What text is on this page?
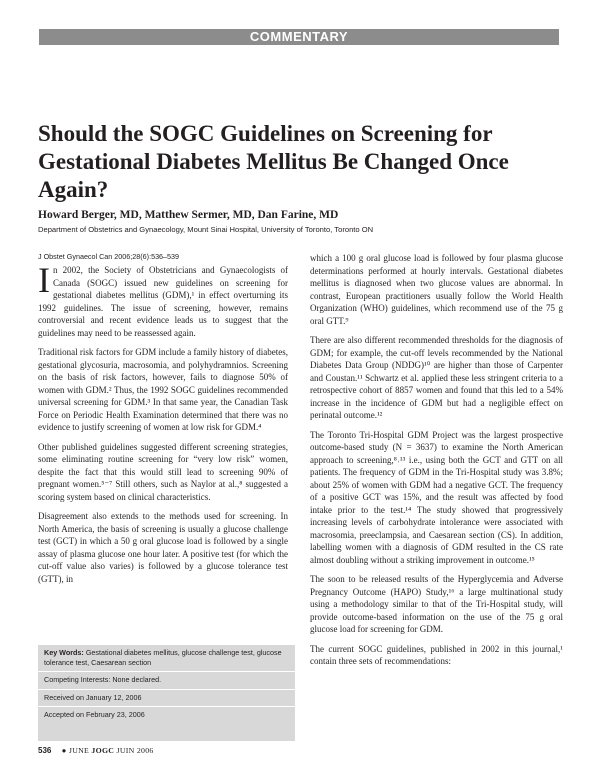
COMMENTARY
Should the SOGC Guidelines on Screening for Gestational Diabetes Mellitus Be Changed Once Again?
Howard Berger, MD, Matthew Sermer, MD, Dan Farine, MD
Department of Obstetrics and Gynaecology, Mount Sinai Hospital, University of Toronto, Toronto ON
J Obstet Gynaecol Can 2006;28(6):536–539

In 2002, the Society of Obstetricians and Gynaecologists of Canada (SOGC) issued new guidelines on screening for gestational diabetes mellitus (GDM),¹ in effect overturning its 1992 guidelines. The issue of screening, however, remains controversial and recent evidence leads us to suggest that the guidelines may need to be reassessed again.

Traditional risk factors for GDM include a family history of diabetes, gestational glycosuria, macrosomia, and polyhydramnios. Screening on the basis of risk factors, however, fails to diagnose 50% of women with GDM.² Thus, the 1992 SOGC guidelines recommended universal screening for GDM.³ In that same year, the Canadian Task Force on Periodic Health Examination determined that there was no evidence to justify screening of women at low risk for GDM.⁴

Other published guidelines suggested different screening strategies, some eliminating routine screening for “very low risk” women, despite the fact that this would still lead to screening 90% of pregnant women.⁵⁻⁷ Still others, such as Naylor at al.,⁸ suggested a scoring system based on clinical characteristics.

Disagreement also extends to the methods used for screening. In North America, the basis of screening is usually a glucose challenge test (GCT) in which a 50 g oral glucose load is followed by a single assay of plasma glucose one hour later. A positive test (for which the cut-off value also varies) is followed by a glucose tolerance test (GTT), in

which a 100 g oral glucose load is followed by four plasma glucose determinations performed at hourly intervals. Gestational diabetes mellitus is diagnosed when two glucose values are abnormal. In contrast, European practitioners usually follow the World Health Organization (WHO) guidelines, which recommend use of the 75 g oral GTT.⁹

There are also different recommended thresholds for the diagnosis of GDM; for example, the cut-off levels recommended by the National Diabetes Data Group (NDDG)¹⁰ are higher than those of Carpenter and Coustan.¹¹ Schwartz et al. applied these less stringent criteria to a retrospective cohort of 8857 women and found that this led to a 54% increase in the incidence of GDM but had a negligible effect on perinatal outcome.¹²

The Toronto Tri-Hospital GDM Project was the largest prospective outcome-based study (N = 3637) to examine the North American approach to screening,⁸˒¹³ i.e., using both the GCT and GTT on all patients. The frequency of GDM in the Tri-Hospital study was 3.8%; about 25% of women with GDM had a negative GCT. The frequency of a positive GCT was 15%, and the result was affected by food intake prior to the test.¹⁴ The study showed that progressively increasing levels of carbohydrate intolerance were associated with macrosomia, preeclampsia, and Caesarean section (CS). In addition, labelling women with a diagnosis of GDM resulted in the CS rate almost doubling without a striking improvement in outcome.¹⁵

The soon to be released results of the Hyperglycemia and Adverse Pregnancy Outcome (HAPO) Study,¹⁶ a large multinational study using a methodology similar to that of the Tri-Hospital study, will provide outcome-based information on the use of the 75 g oral glucose load for screening for GDM.

The current SOGC guidelines, published in 2002 in this journal,¹ contain three sets of recommendations:

Key Words: Gestational diabetes mellitus, glucose challenge test, glucose tolerance test, Caesarean section
Competing Interests: None declared.
Received on January 12, 2006
Accepted on February 23, 2006
536 ● JUNE JOGC JUIN 2006
